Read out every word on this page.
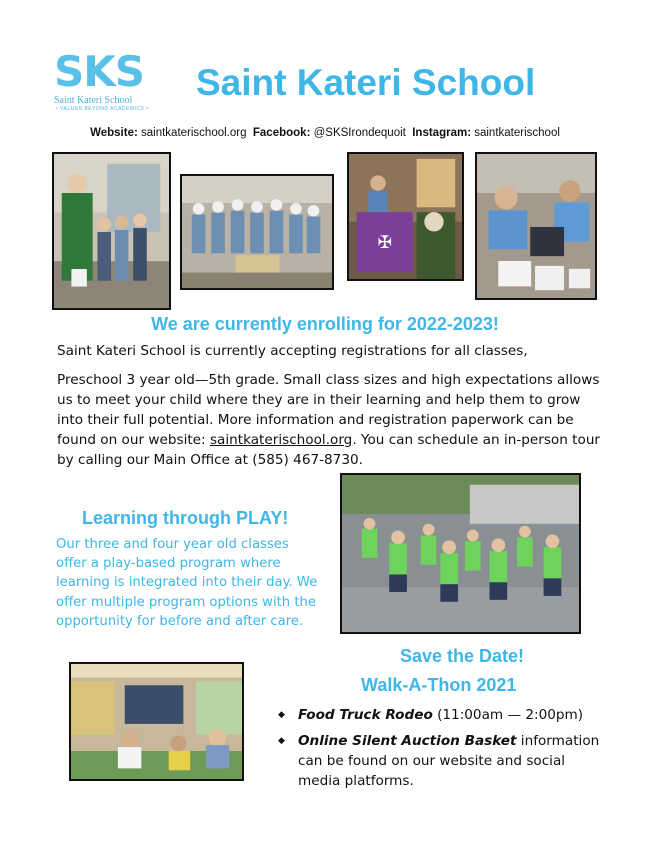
SKS
Saint Kateri School
• VALUES BEYOND ACADEMICS •
Saint Kateri School
Website: saintkaterischool.org Facebook: @SKSIrondequoit Instagram: saintkaterischool
✠
We are currently enrolling for 2022-2023!
Saint Kateri School is currently accepting registrations for all classes,
Preschool 3 year old—5th grade. Small class sizes and high expectations allows us to meet your child where they are in their learning and help them to grow into their full potential. More information and registration paperwork can be found on our website: saintkaterischool.org. You can schedule an in-person tour by calling our Main Office at (585) 467-8730.
Learning through PLAY!
Our three and four year old classes offer a play-based program where learning is integrated into their day. We offer multiple program options with the opportunity for before and after care.
Save the Date!
Walk-A-Thon 2021
◆ Food Truck Rodeo (11:00am — 2:00pm)
◆ Online Silent Auction Basket information can be found on our website and social media platforms.
